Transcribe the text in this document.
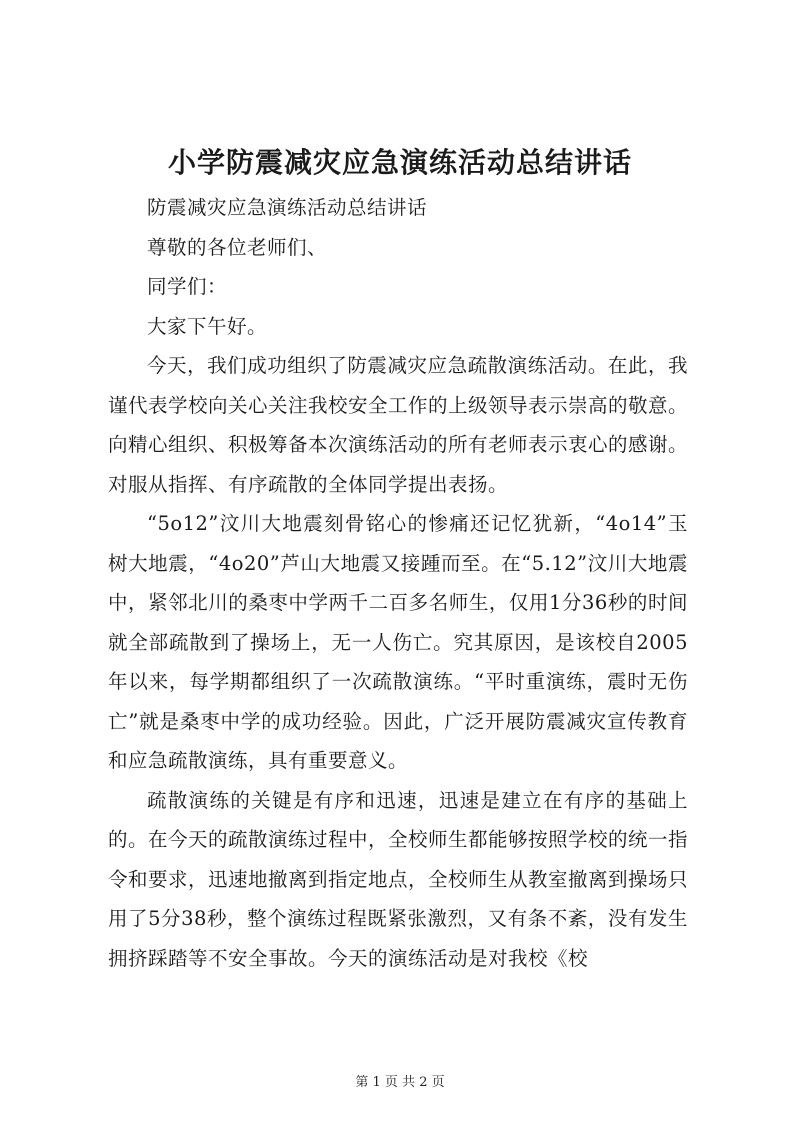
小学防震减灾应急演练活动总结讲话

防震减灾应急演练活动总结讲话

尊敬的各位老师们、

同学们：

大家下午好。

今天，我们成功组织了防震减灾应急疏散演练活动。在此，我谨代表学校向关心关注我校安全工作的上级领导表示崇高的敬意。向精心组织、积极筹备本次演练活动的所有老师表示衷心的感谢。对服从指挥、有序疏散的全体同学提出表扬。

“5o12”汶川大地震刻骨铭心的惨痛还记忆犹新，“4o14”玉树大地震，“4o20”芦山大地震又接踵而至。在“5.12”汶川大地震中，紧邻北川的桑枣中学两千二百多名师生，仅用1分36秒的时间就全部疏散到了操场上，无一人伤亡。究其原因，是该校自2005年以来，每学期都组织了一次疏散演练。“平时重演练，震时无伤亡”就是桑枣中学的成功经验。因此，广泛开展防震减灾宣传教育和应急疏散演练，具有重要意义。

疏散演练的关键是有序和迅速，迅速是建立在有序的基础上的。在今天的疏散演练过程中，全校师生都能够按照学校的统一指令和要求，迅速地撤离到指定地点，全校师生从教室撤离到操场只用了5分38秒，整个演练过程既紧张激烈，又有条不紊，没有发生拥挤踩踏等不安全事故。今天的演练活动是对我校《校

第 1 页 共 2 页
